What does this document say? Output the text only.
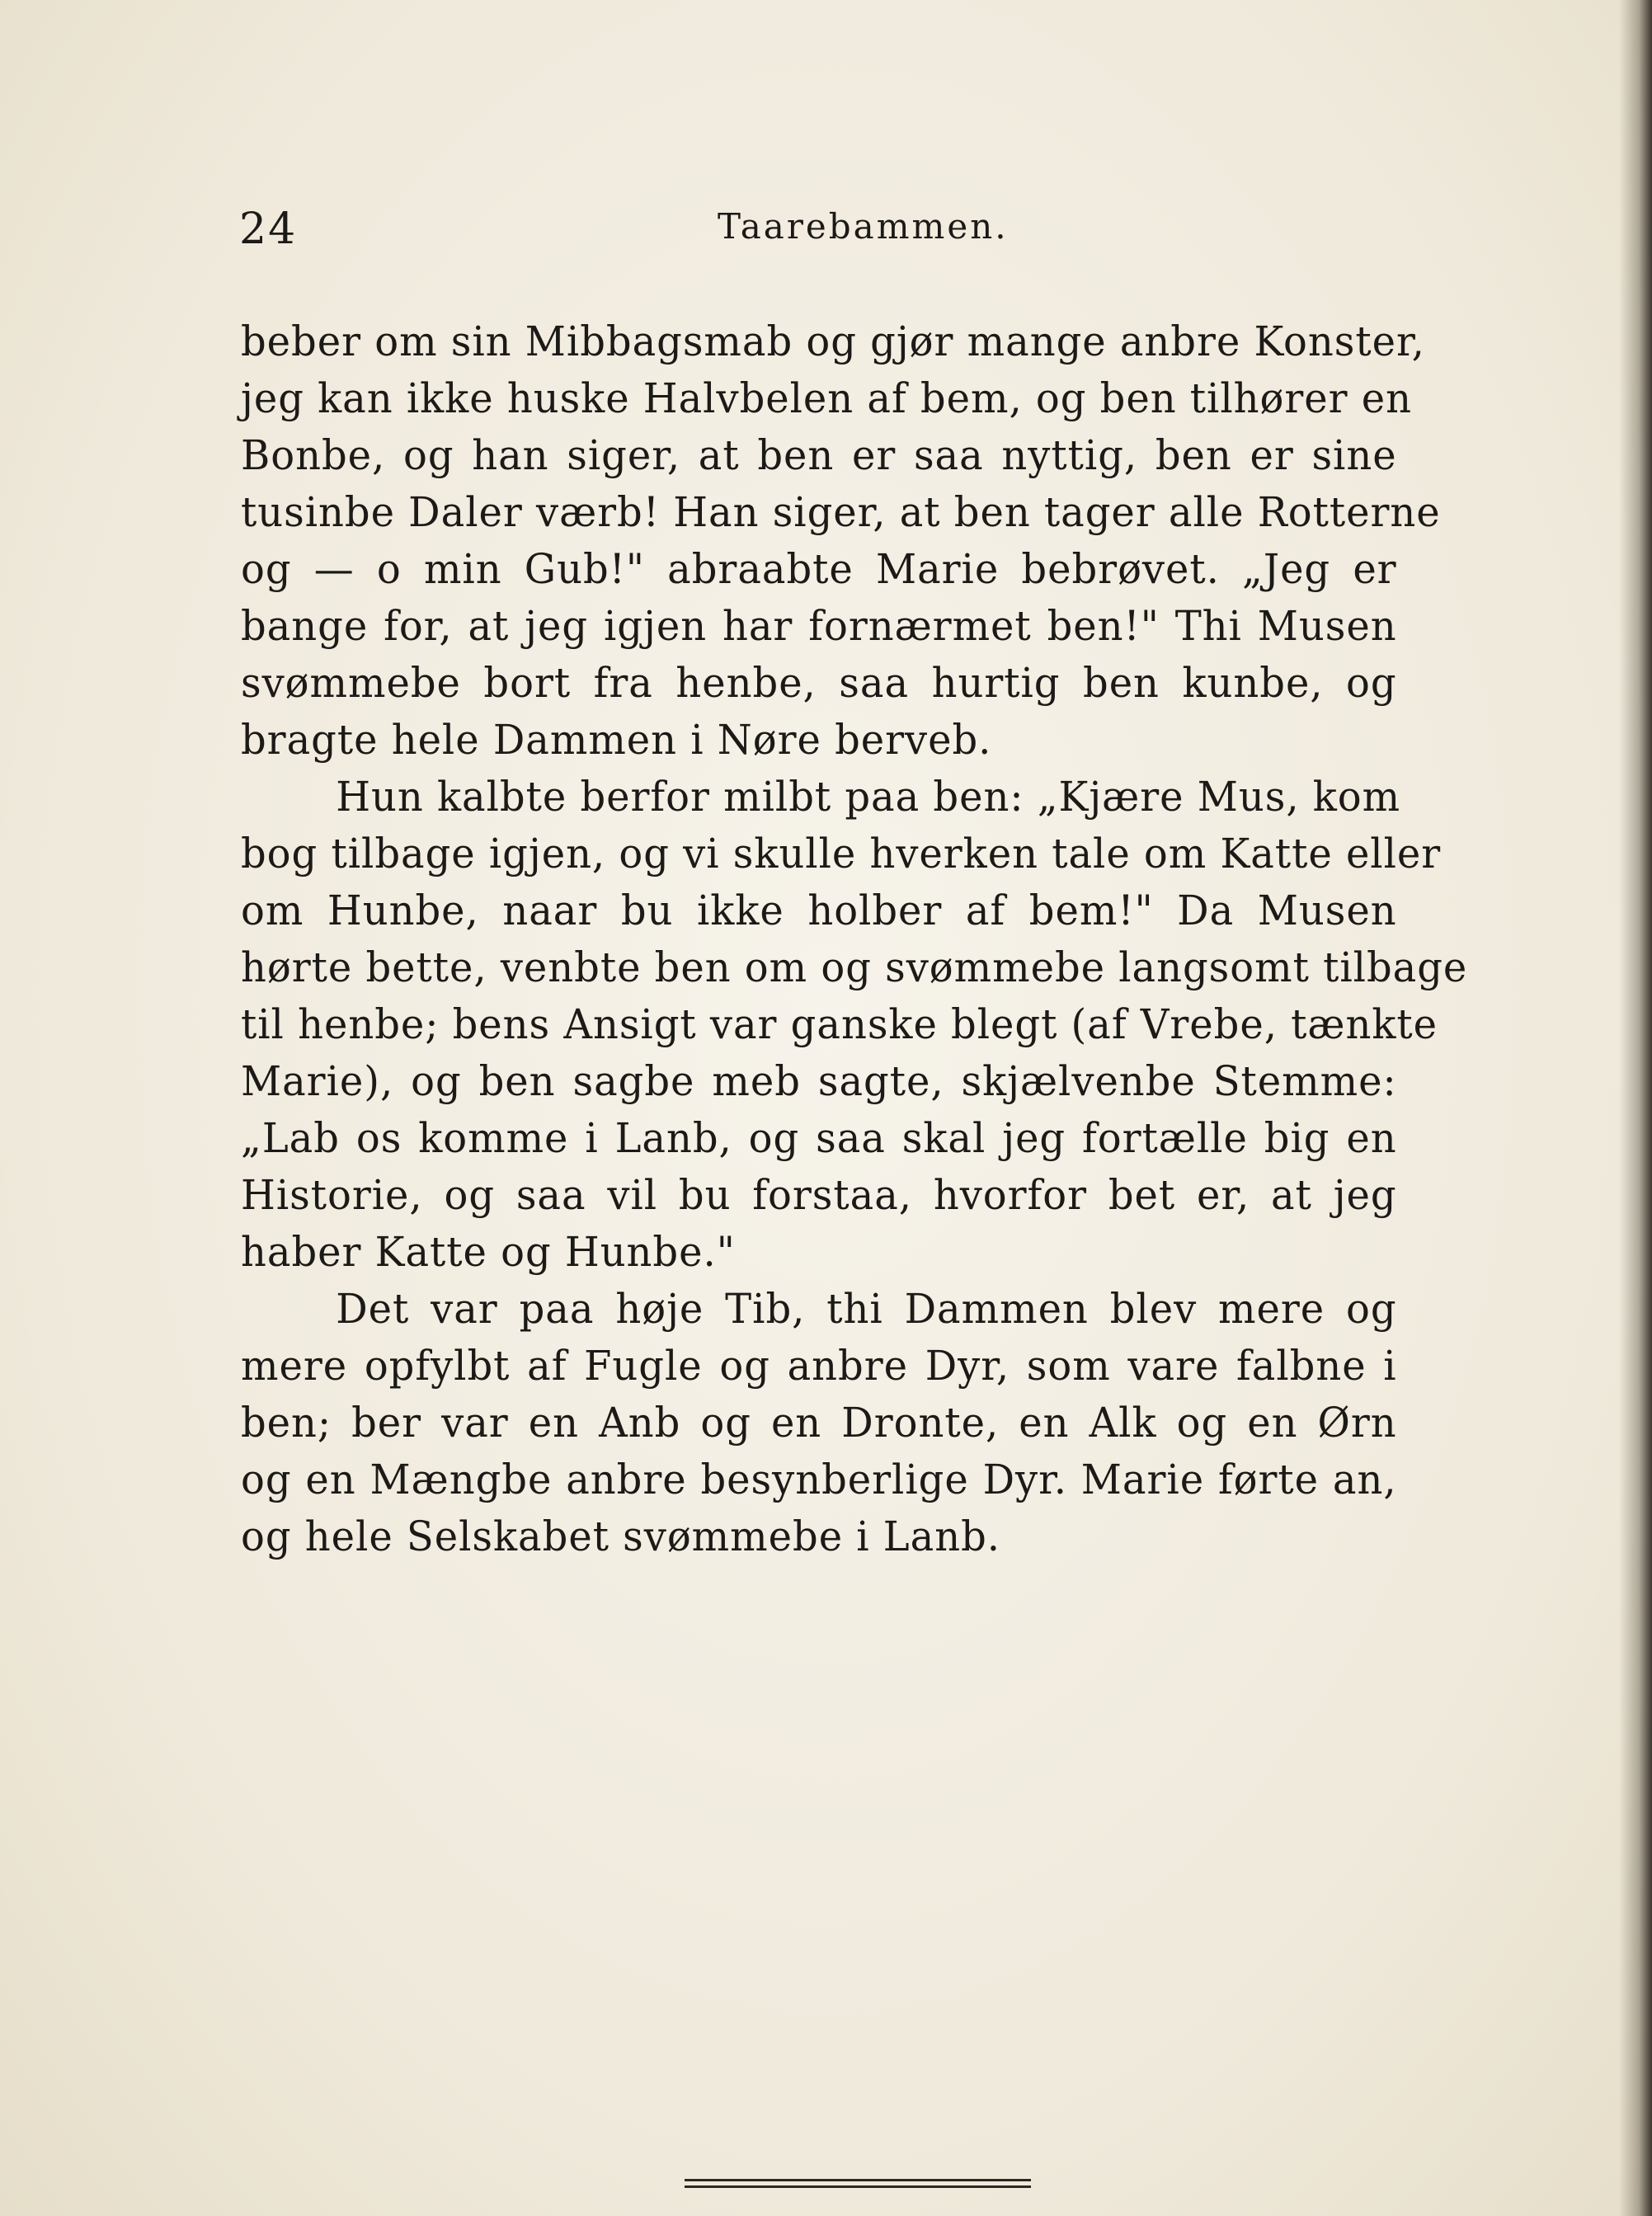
24	Taarebammen.
beber om sin Mibbagsmab og gjør mange anbre Konster,
jeg kan ikke huske Halvbelen af bem, og ben tilhører en
Bonbe, og han siger, at ben er saa nyttig, ben er sine
tusinbe Daler værb! Han siger, at ben tager alle Rotterne
og — o min Gub!" abraabte Marie bebrøvet. „Jeg er
bange for, at jeg igjen har fornærmet ben!" Thi Musen
svømmebe bort fra henbe, saa hurtig ben kunbe, og
bragte hele Dammen i Nøre berveb.
Hun kalbte berfor milbt paa ben: „Kjære Mus, kom
bog tilbage igjen, og vi skulle hverken tale om Katte eller
om Hunbe, naar bu ikke holber af bem!" Da Musen
hørte bette, venbte ben om og svømmebe langsomt tilbage
til henbe; bens Ansigt var ganske blegt (af Vrebe, tænkte
Marie), og ben sagbe meb sagte, skjælvenbe Stemme:
„Lab os komme i Lanb, og saa skal jeg fortælle big en
Historie, og saa vil bu forstaa, hvorfor bet er, at jeg
haber Katte og Hunbe."
Det var paa høje Tib, thi Dammen blev mere og
mere opfylbt af Fugle og anbre Dyr, som vare falbne i
ben; ber var en Anb og en Dronte, en Alk og en Ørn
og en Mængbe anbre besynberlige Dyr. Marie førte an,
og hele Selskabet svømmebe i Lanb.
